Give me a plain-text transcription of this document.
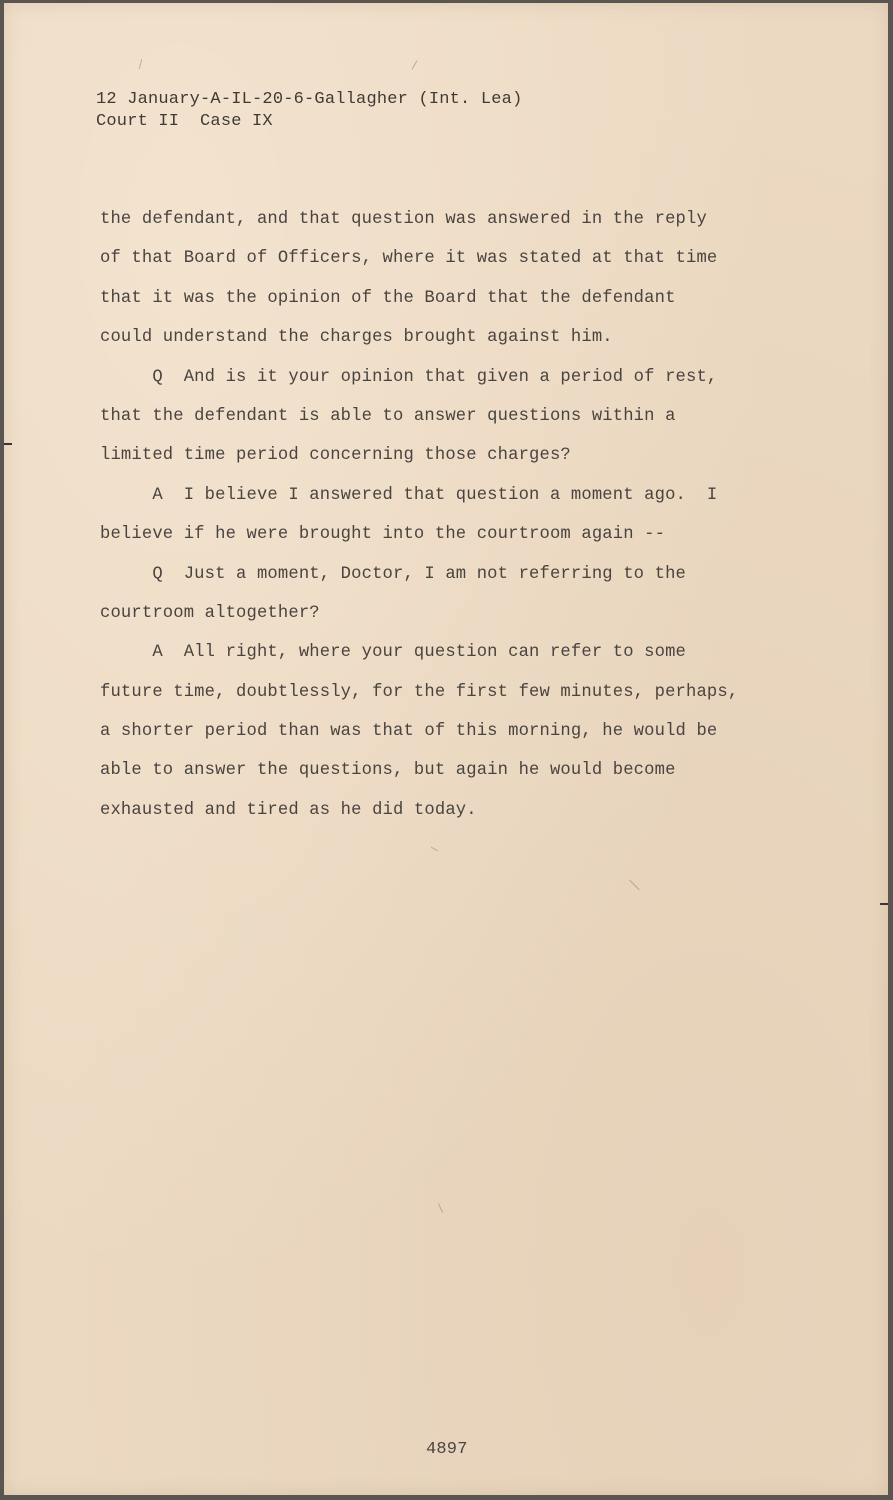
12 January-A-IL-20-6-Gallagher (Int. Lea)
Court II  Case IX
the defendant, and that question was answered in the reply
of that Board of Officers, where it was stated at that time
that it was the opinion of the Board that the defendant
could understand the charges brought against him.
Q  And is it your opinion that given a period of rest,
that the defendant is able to answer questions within a
limited time period concerning those charges?
A  I believe I answered that question a moment ago.  I
believe if he were brought into the courtroom again --
Q  Just a moment, Doctor, I am not referring to the
courtroom altogether?
A  All right, where your question can refer to some
future time, doubtlessly, for the first few minutes, perhaps,
a shorter period than was that of this morning, he would be
able to answer the questions, but again he would become
exhausted and tired as he did today.
4897
